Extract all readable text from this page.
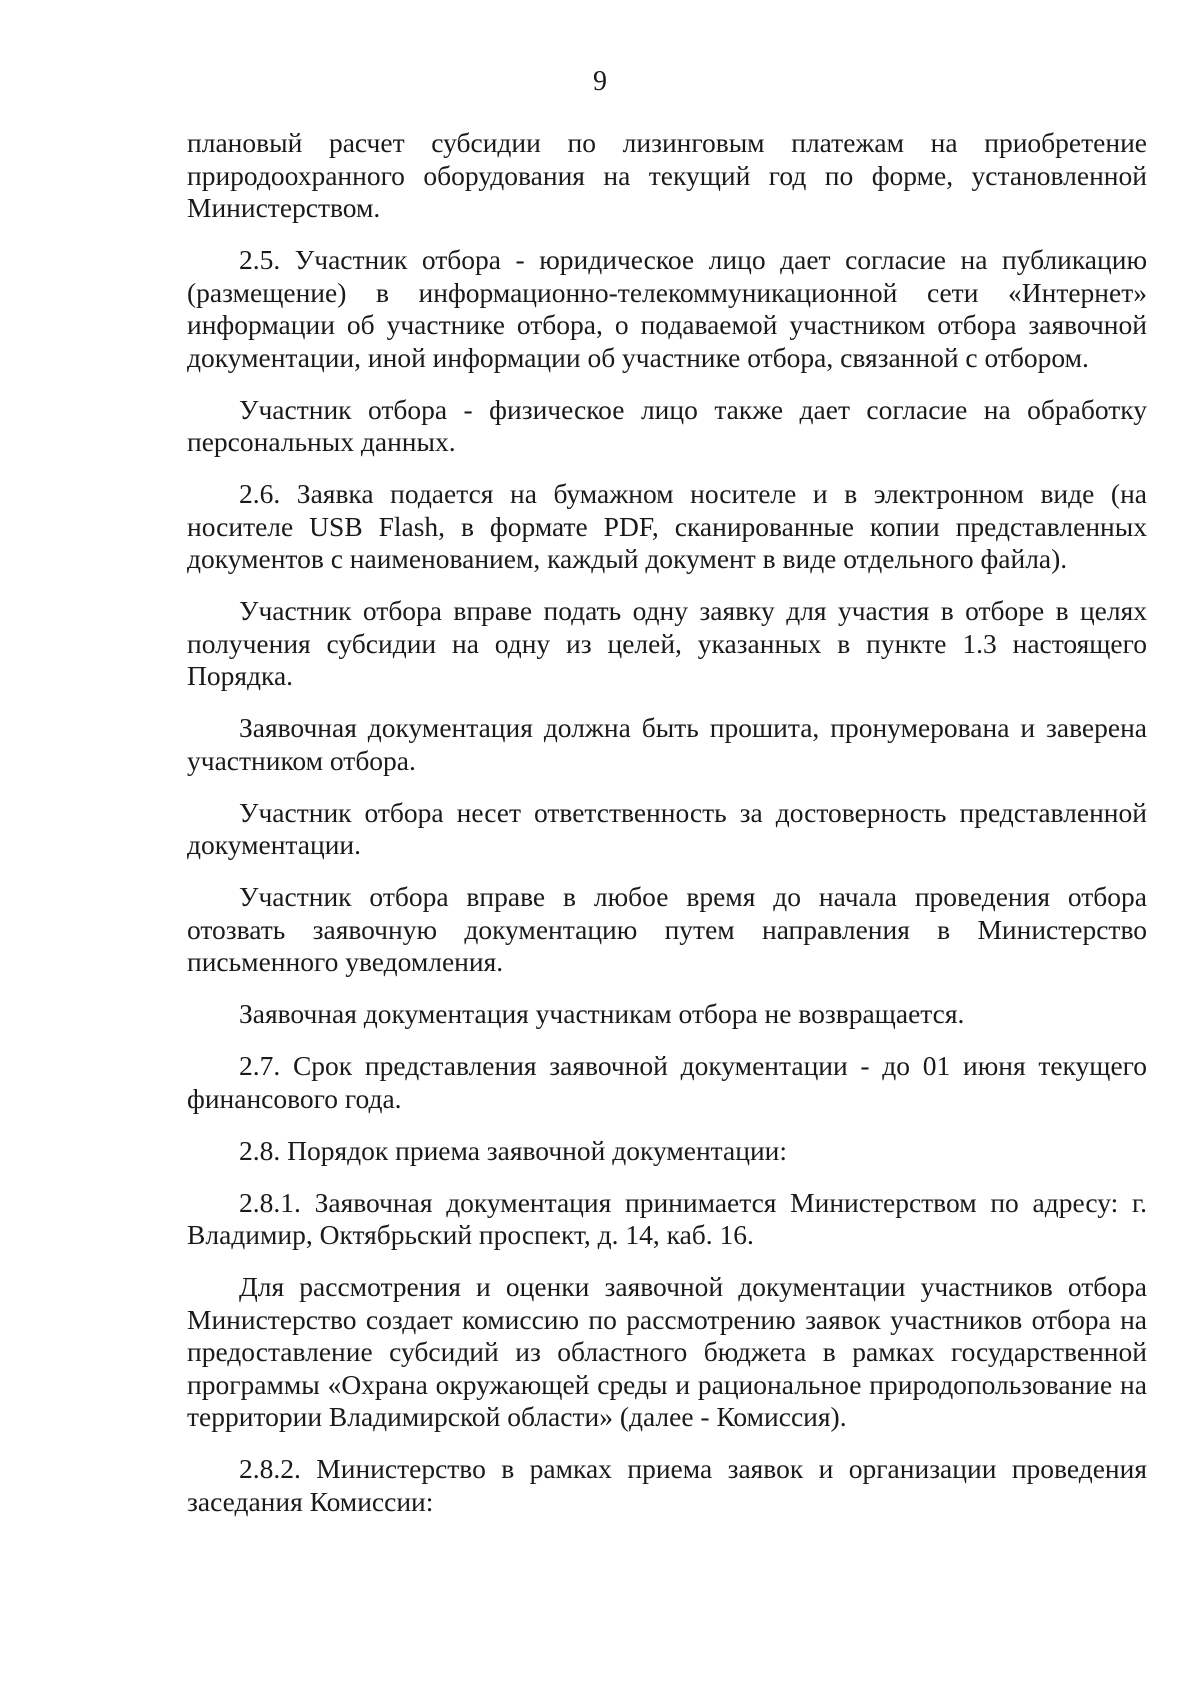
9

плановый расчет субсидии по лизинговым платежам на приобретение природоохранного оборудования на текущий год по форме, установленной Министерством.

2.5. Участник отбора - юридическое лицо дает согласие на публикацию (размещение) в информационно-телекоммуникационной сети «Интернет» информации об участнике отбора, о подаваемой участником отбора заявочной документации, иной информации об участнике отбора, связанной с отбором.

Участник отбора - физическое лицо также дает согласие на обработку персональных данных.

2.6. Заявка подается на бумажном носителе и в электронном виде (на носителе USB Flash, в формате PDF, сканированные копии представленных документов с наименованием, каждый документ в виде отдельного файла).

Участник отбора вправе подать одну заявку для участия в отборе в целях получения субсидии на одну из целей, указанных в пункте 1.3 настоящего Порядка.

Заявочная документация должна быть прошита, пронумерована и заверена участником отбора.

Участник отбора несет ответственность за достоверность представленной документации.

Участник отбора вправе в любое время до начала проведения отбора отозвать заявочную документацию путем направления в Министерство письменного уведомления.

Заявочная документация участникам отбора не возвращается.

2.7. Срок представления заявочной документации - до 01 июня текущего финансового года.

2.8. Порядок приема заявочной документации:

2.8.1. Заявочная документация принимается Министерством по адресу: г. Владимир, Октябрьский проспект, д. 14, каб. 16.

Для рассмотрения и оценки заявочной документации участников отбора Министерство создает комиссию по рассмотрению заявок участников отбора на предоставление субсидий из областного бюджета в рамках государственной программы «Охрана окружающей среды и рациональное природопользование на территории Владимирской области» (далее - Комиссия).

2.8.2. Министерство в рамках приема заявок и организации проведения заседания Комиссии:
